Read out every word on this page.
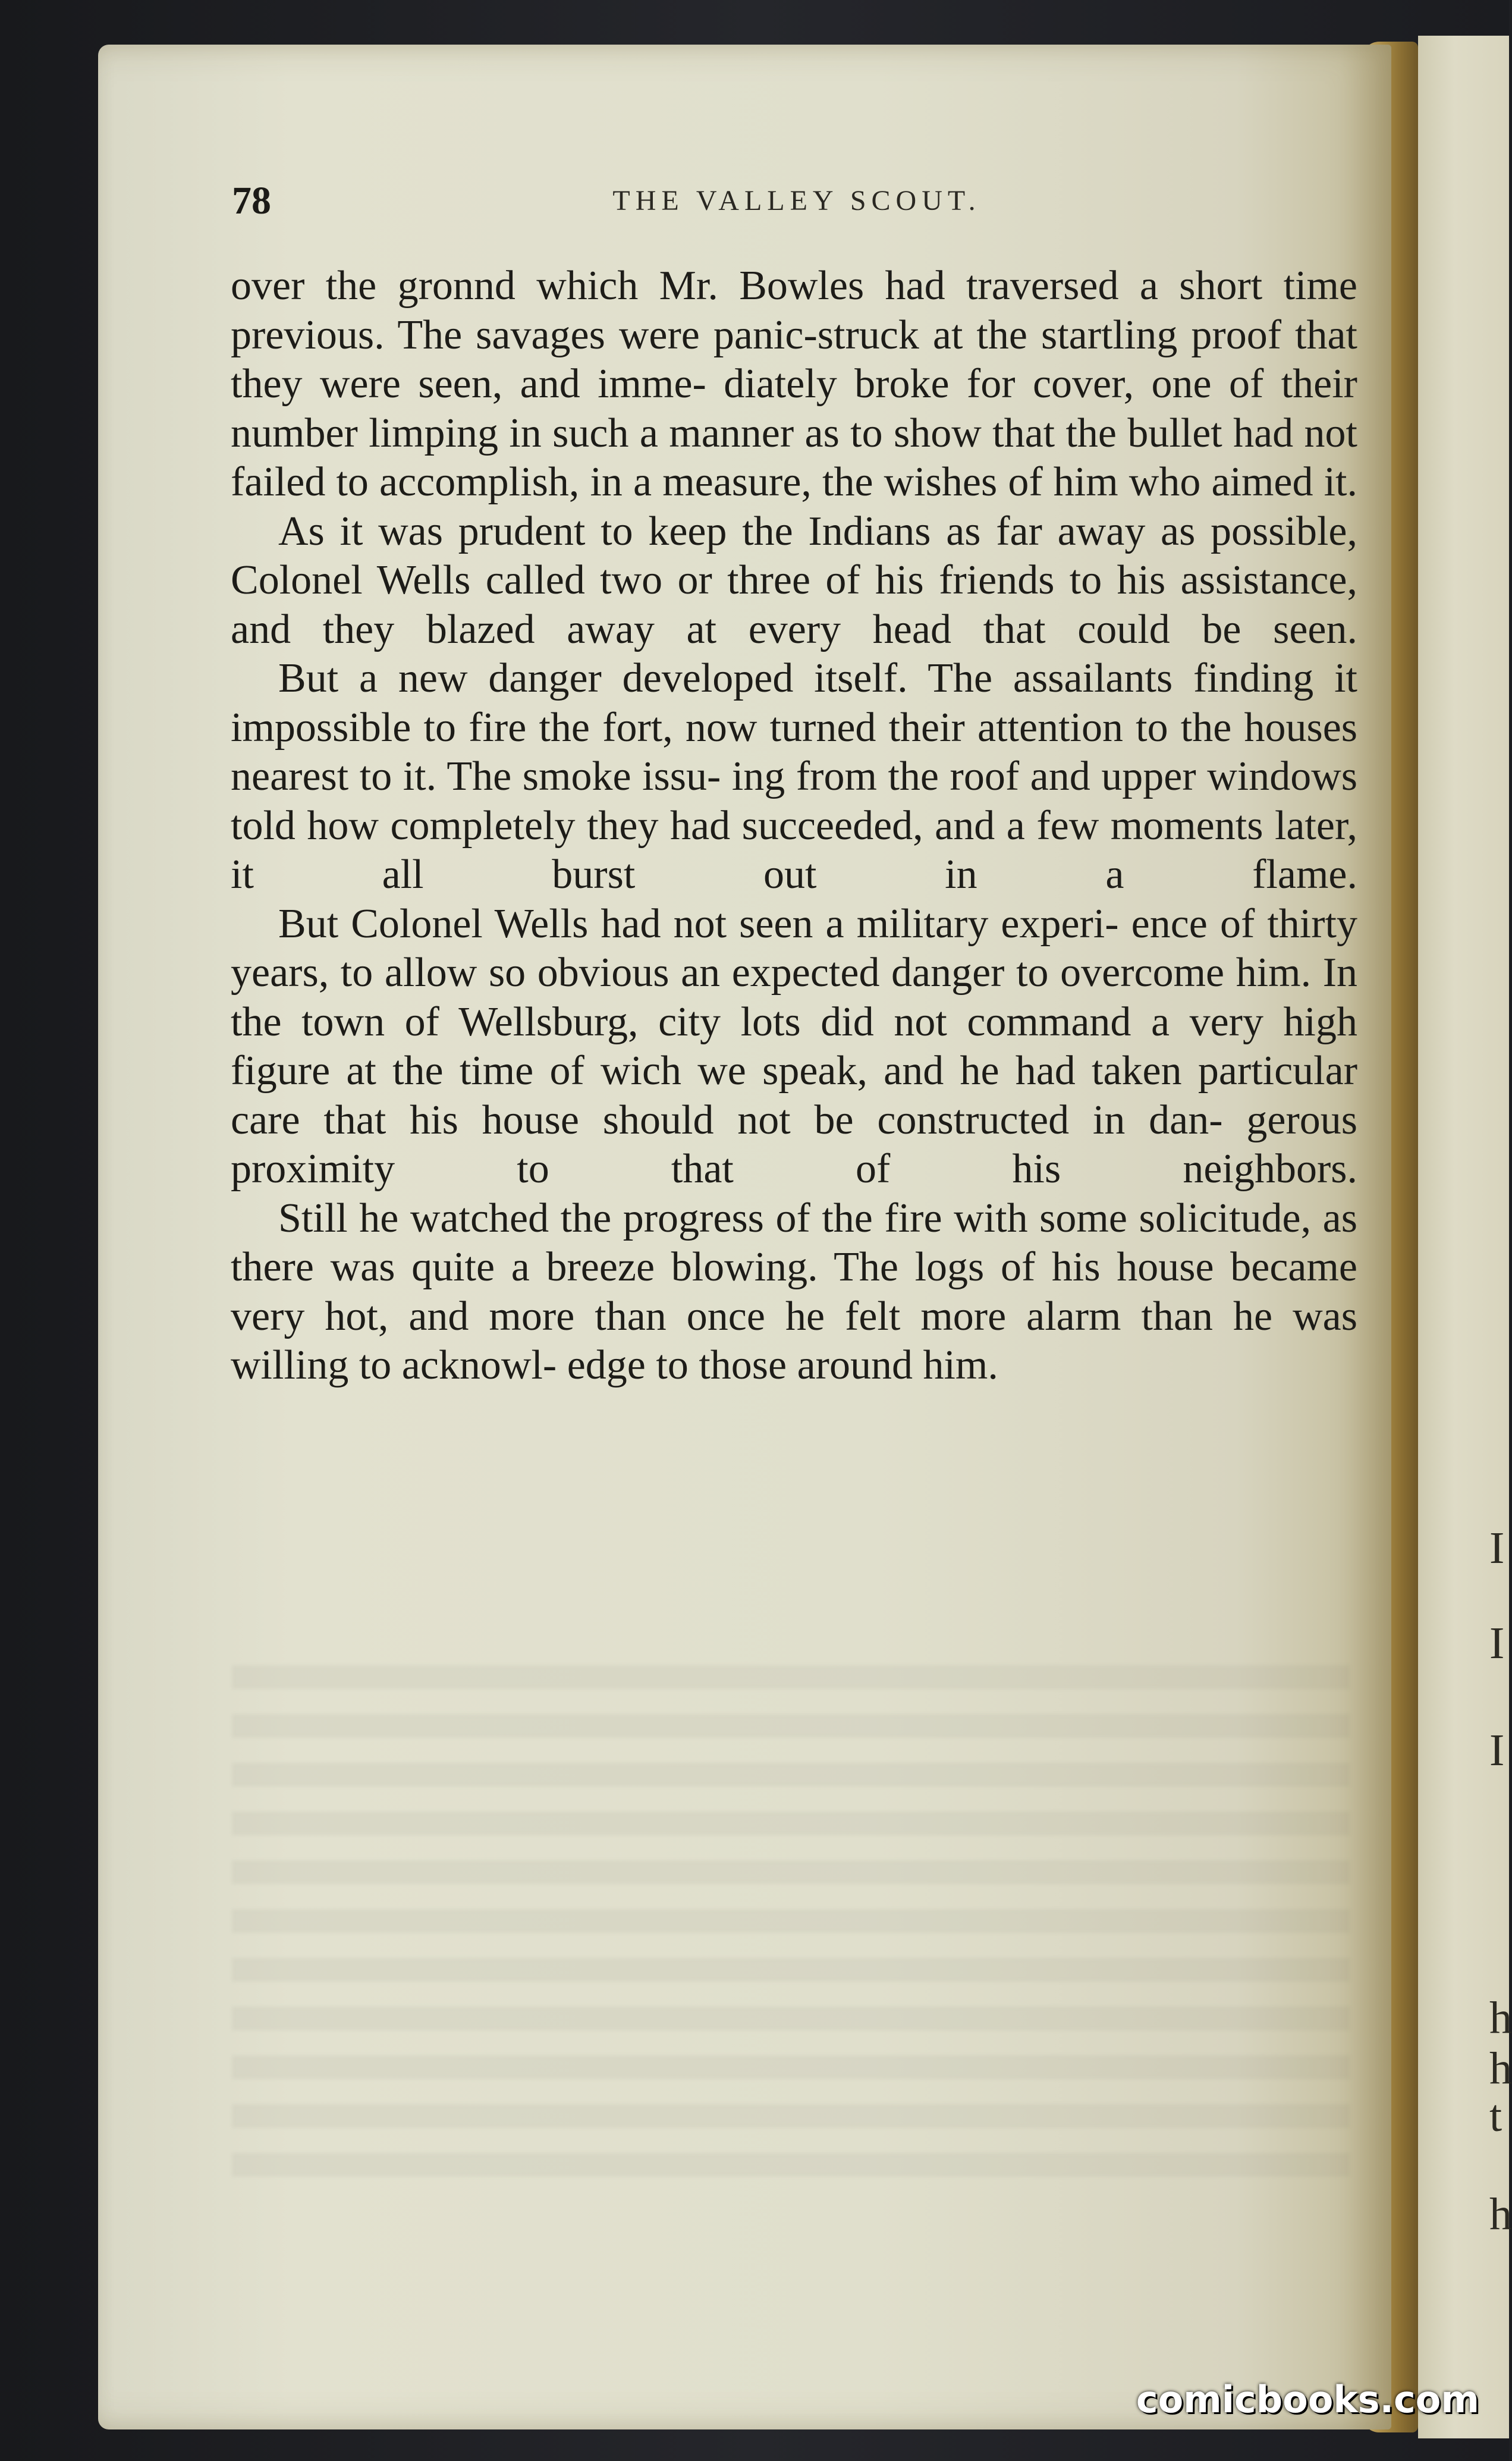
I
I
I
h
h
t
h
78	THE VALLEY SCOUT.

over the gronnd which Mr. Bowles had traversed a short time previous. The savages were panic-struck at the startling proof that they were seen, and imme- diately broke for cover, one of their number limping in such a manner as to show that the bullet had not failed to accomplish, in a measure, the wishes of him who aimed it.

As it was prudent to keep the Indians as far away as possible, Colonel Wells called two or three of his friends to his assistance, and they blazed away at every head that could be seen.

But a new danger developed itself. The assailants finding it impossible to fire the fort, now turned their attention to the houses nearest to it. The smoke issu- ing from the roof and upper windows told how completely they had succeeded, and a few moments later, it all burst out in a flame.

But Colonel Wells had not seen a military experi- ence of thirty years, to allow so obvious an expected danger to overcome him. In the town of Wellsburg, city lots did not command a very high figure at the time of wich we speak, and he had taken particular care that his house should not be constructed in dan- gerous proximity to that of his neighbors.

Still he watched the progress of the fire with some solicitude, as there was quite a breeze blowing. The logs of his house became very hot, and more than once he felt more alarm than he was willing to acknowl- edge to those around him.

comicbooks.com
